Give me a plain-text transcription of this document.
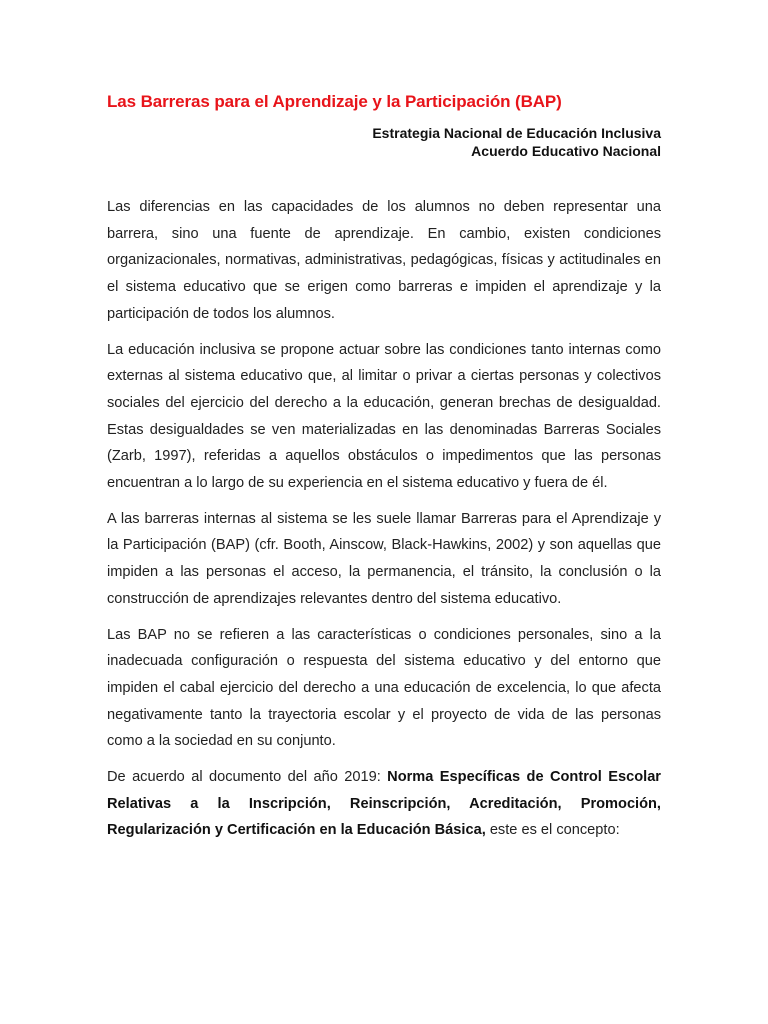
Las Barreras para el Aprendizaje y la Participación (BAP)
Estrategia Nacional de Educación Inclusiva
Acuerdo Educativo Nacional

Las diferencias en las capacidades de los alumnos no deben representar una barrera, sino una fuente de aprendizaje. En cambio, existen condiciones organizacionales, normativas, administrativas, pedagógicas, físicas y actitudinales en el sistema educativo que se erigen como barreras e impiden el aprendizaje y la participación de todos los alumnos.

La educación inclusiva se propone actuar sobre las condiciones tanto internas como externas al sistema educativo que, al limitar o privar a ciertas personas y colectivos sociales del ejercicio del derecho a la educación, generan brechas de desigualdad. Estas desigualdades se ven materializadas en las denominadas Barreras Sociales (Zarb, 1997), referidas a aquellos obstáculos o impedimentos que las personas encuentran a lo largo de su experiencia en el sistema educativo y fuera de él.

A las barreras internas al sistema se les suele llamar Barreras para el Aprendizaje y la Participación (BAP) (cfr. Booth, Ainscow, Black-Hawkins, 2002) y son aquellas que impiden a las personas el acceso, la permanencia, el tránsito, la conclusión o la construcción de aprendizajes relevantes dentro del sistema educativo.

Las BAP no se refieren a las características o condiciones personales, sino a la inadecuada configuración o respuesta del sistema educativo y del entorno que impiden el cabal ejercicio del derecho a una educación de excelencia, lo que afecta negativamente tanto la trayectoria escolar y el proyecto de vida de las personas como a la sociedad en su conjunto.

De acuerdo al documento del año 2019: Norma Específicas de Control Escolar Relativas a la Inscripción, Reinscripción, Acreditación, Promoción, Regularización y Certificación en la Educación Básica, este es el concepto:
